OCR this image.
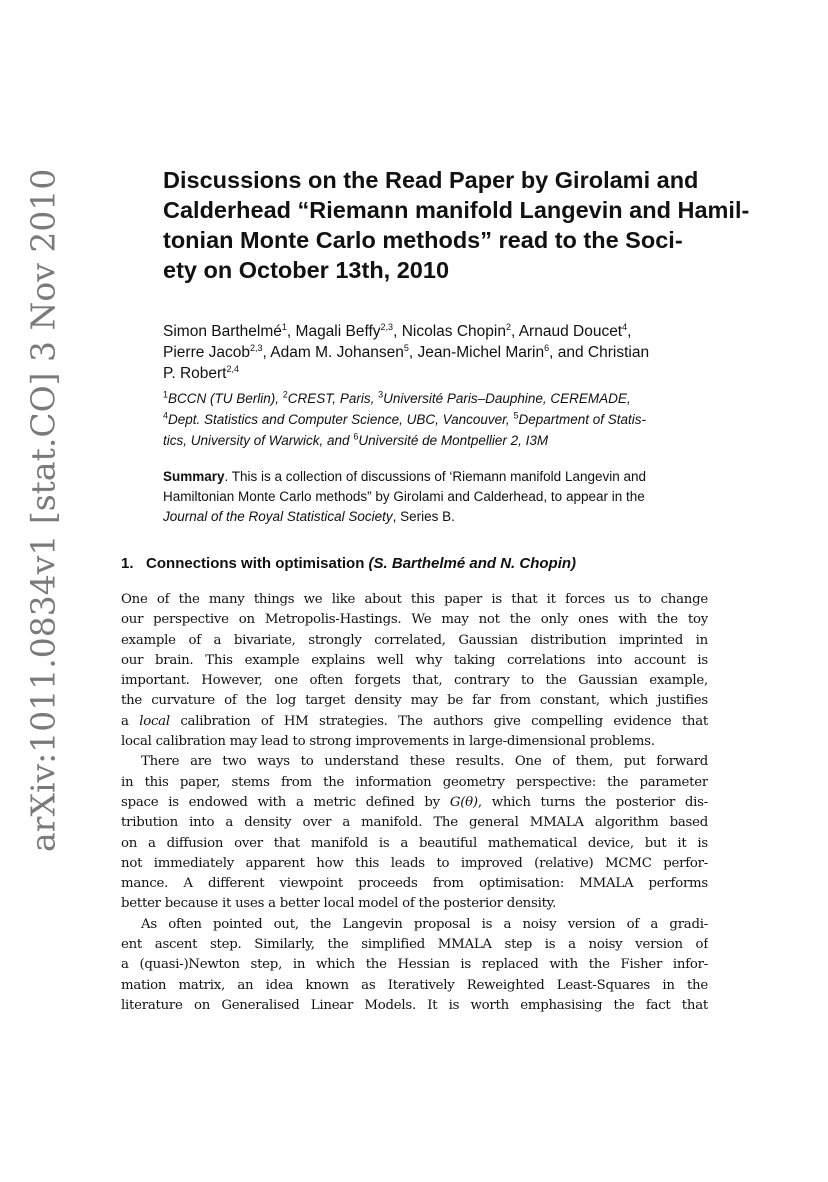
arXiv:1011.0834v1 [stat.CO] 3 Nov 2010	Discussions on the Read Paper by Girolami and
Calderhead “Riemann manifold Langevin and Hamil-
tonian Monte Carlo methods” read to the Soci-
ety on October 13th, 2010
Simon Barthelmé$^1$, Magali Beffy$^{2,3}$, Nicolas Chopin$^2$, Arnaud Doucet$^4$,
Pierre Jacob$^{2,3}$, Adam M. Johansen$^5$, Jean-Michel Marin$^6$, and Christian
P. Robert$^{2,4}$
$^1$BCCN (TU Berlin), $^2$CREST, Paris, $^3$Université Paris–Dauphine, CEREMADE,
$^4$Dept. Statistics and Computer Science, UBC, Vancouver, $^5$Department of Statis-
tics, University of Warwick, and $^6$Université de Montpellier 2, I3M
Summary. This is a collection of discussions of ‘Riemann manifold Langevin and
Hamiltonian Monte Carlo methods” by Girolami and Calderhead, to appear in the
Journal of the Royal Statistical Society, Series B.
1. Connections with optimisation (S. Barthelmé and N. Chopin)
One of the many things we like about this paper is that it forces us to change
our perspective on Metropolis-Hastings. We may not the only ones with the toy
example of a bivariate, strongly correlated, Gaussian distribution imprinted in
our brain. This example explains well why taking correlations into account is
important. However, one often forgets that, contrary to the Gaussian example,
the curvature of the log target density may be far from constant, which justifies
a local calibration of HM strategies. The authors give compelling evidence that
local calibration may lead to strong improvements in large-dimensional problems.
There are two ways to understand these results. One of them, put forward
in this paper, stems from the information geometry perspective: the parameter
space is endowed with a metric defined by G(θ), which turns the posterior dis-
tribution into a density over a manifold. The general MMALA algorithm based
on a diffusion over that manifold is a beautiful mathematical device, but it is
not immediately apparent how this leads to improved (relative) MCMC perfor-
mance. A different viewpoint proceeds from optimisation: MMALA performs
better because it uses a better local model of the posterior density.
As often pointed out, the Langevin proposal is a noisy version of a gradi-
ent ascent step. Similarly, the simplified MMALA step is a noisy version of
a (quasi-)Newton step, in which the Hessian is replaced with the Fisher infor-
mation matrix, an idea known as Iteratively Reweighted Least-Squares in the
literature on Generalised Linear Models. It is worth emphasising the fact that
